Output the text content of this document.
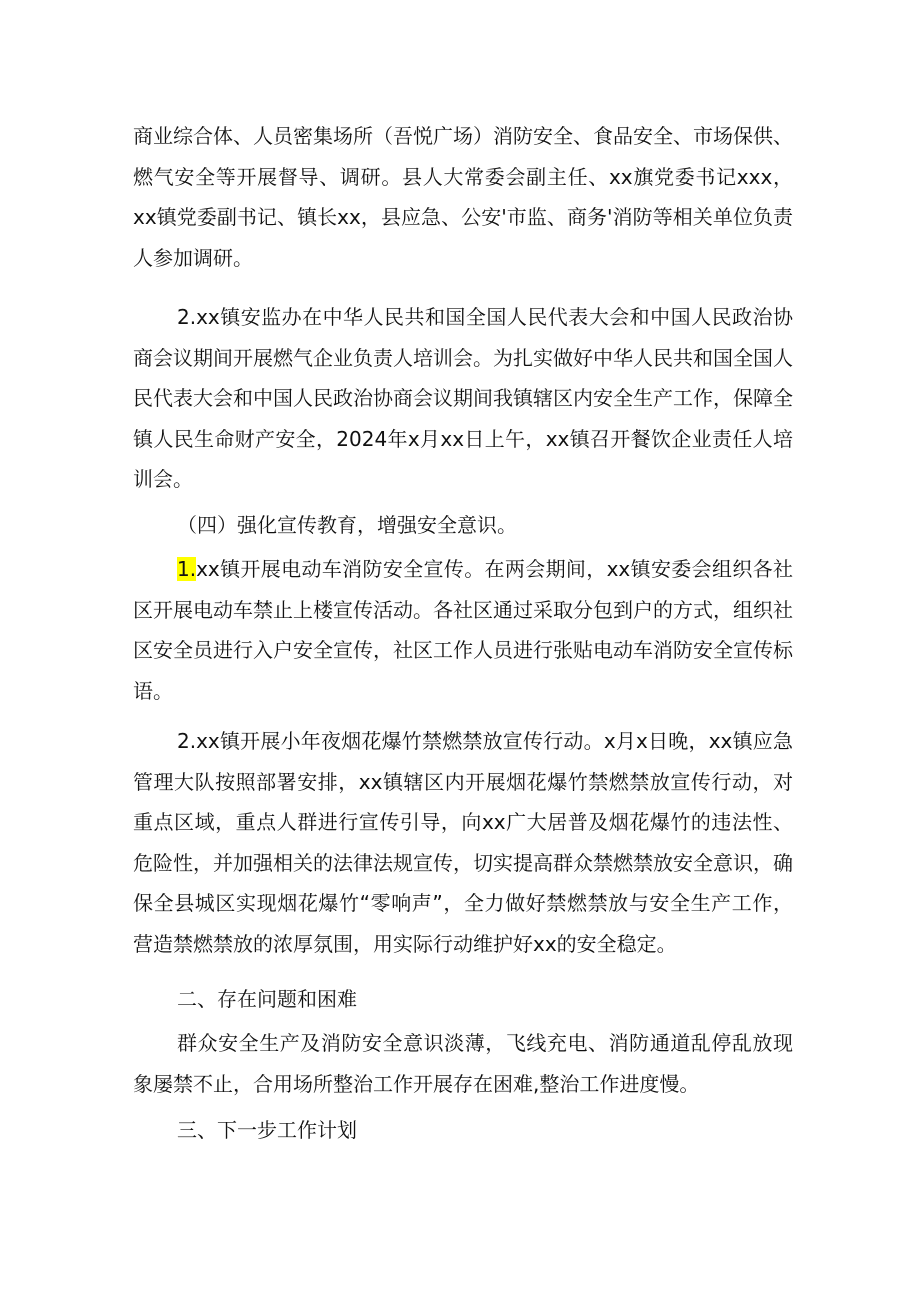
商业综合体、人员密集场所（吾悦广场）消防安全、食品安全、市场保供、燃气安全等开展督导、调研。县人大常委会副主任、xx旗党委书记xxx，xx镇党委副书记、镇长xx，县应急、公安'市监、商务'消防等相关单位负责人参加调研。

2.xx镇安监办在中华人民共和国全国人民代表大会和中国人民政治协商会议期间开展燃气企业负责人培训会。为扎实做好中华人民共和国全国人民代表大会和中国人民政治协商会议期间我镇辖区内安全生产工作，保障全镇人民生命财产安全，2024年x月xx日上午，xx镇召开餐饮企业责任人培训会。

（四）强化宣传教育，增强安全意识。

1.xx镇开展电动车消防安全宣传。在两会期间，xx镇安委会组织各社区开展电动车禁止上楼宣传活动。各社区通过采取分包到户的方式，组织社区安全员进行入户安全宣传，社区工作人员进行张贴电动车消防安全宣传标语。

2.xx镇开展小年夜烟花爆竹禁燃禁放宣传行动。x月x日晚，xx镇应急管理大队按照部署安排，xx镇辖区内开展烟花爆竹禁燃禁放宣传行动，对重点区域，重点人群进行宣传引导，向xx广大居普及烟花爆竹的违法性、危险性，并加强相关的法律法规宣传，切实提高群众禁燃禁放安全意识，确保全县城区实现烟花爆竹“零响声”，全力做好禁燃禁放与安全生产工作，营造禁燃禁放的浓厚氛围，用实际行动维护好xx的安全稳定。

二、存在问题和困难

群众安全生产及消防安全意识淡薄，飞线充电、消防通道乱停乱放现象屡禁不止，合用场所整治工作开展存在困难,整治工作进度慢。

三、下一步工作计划
